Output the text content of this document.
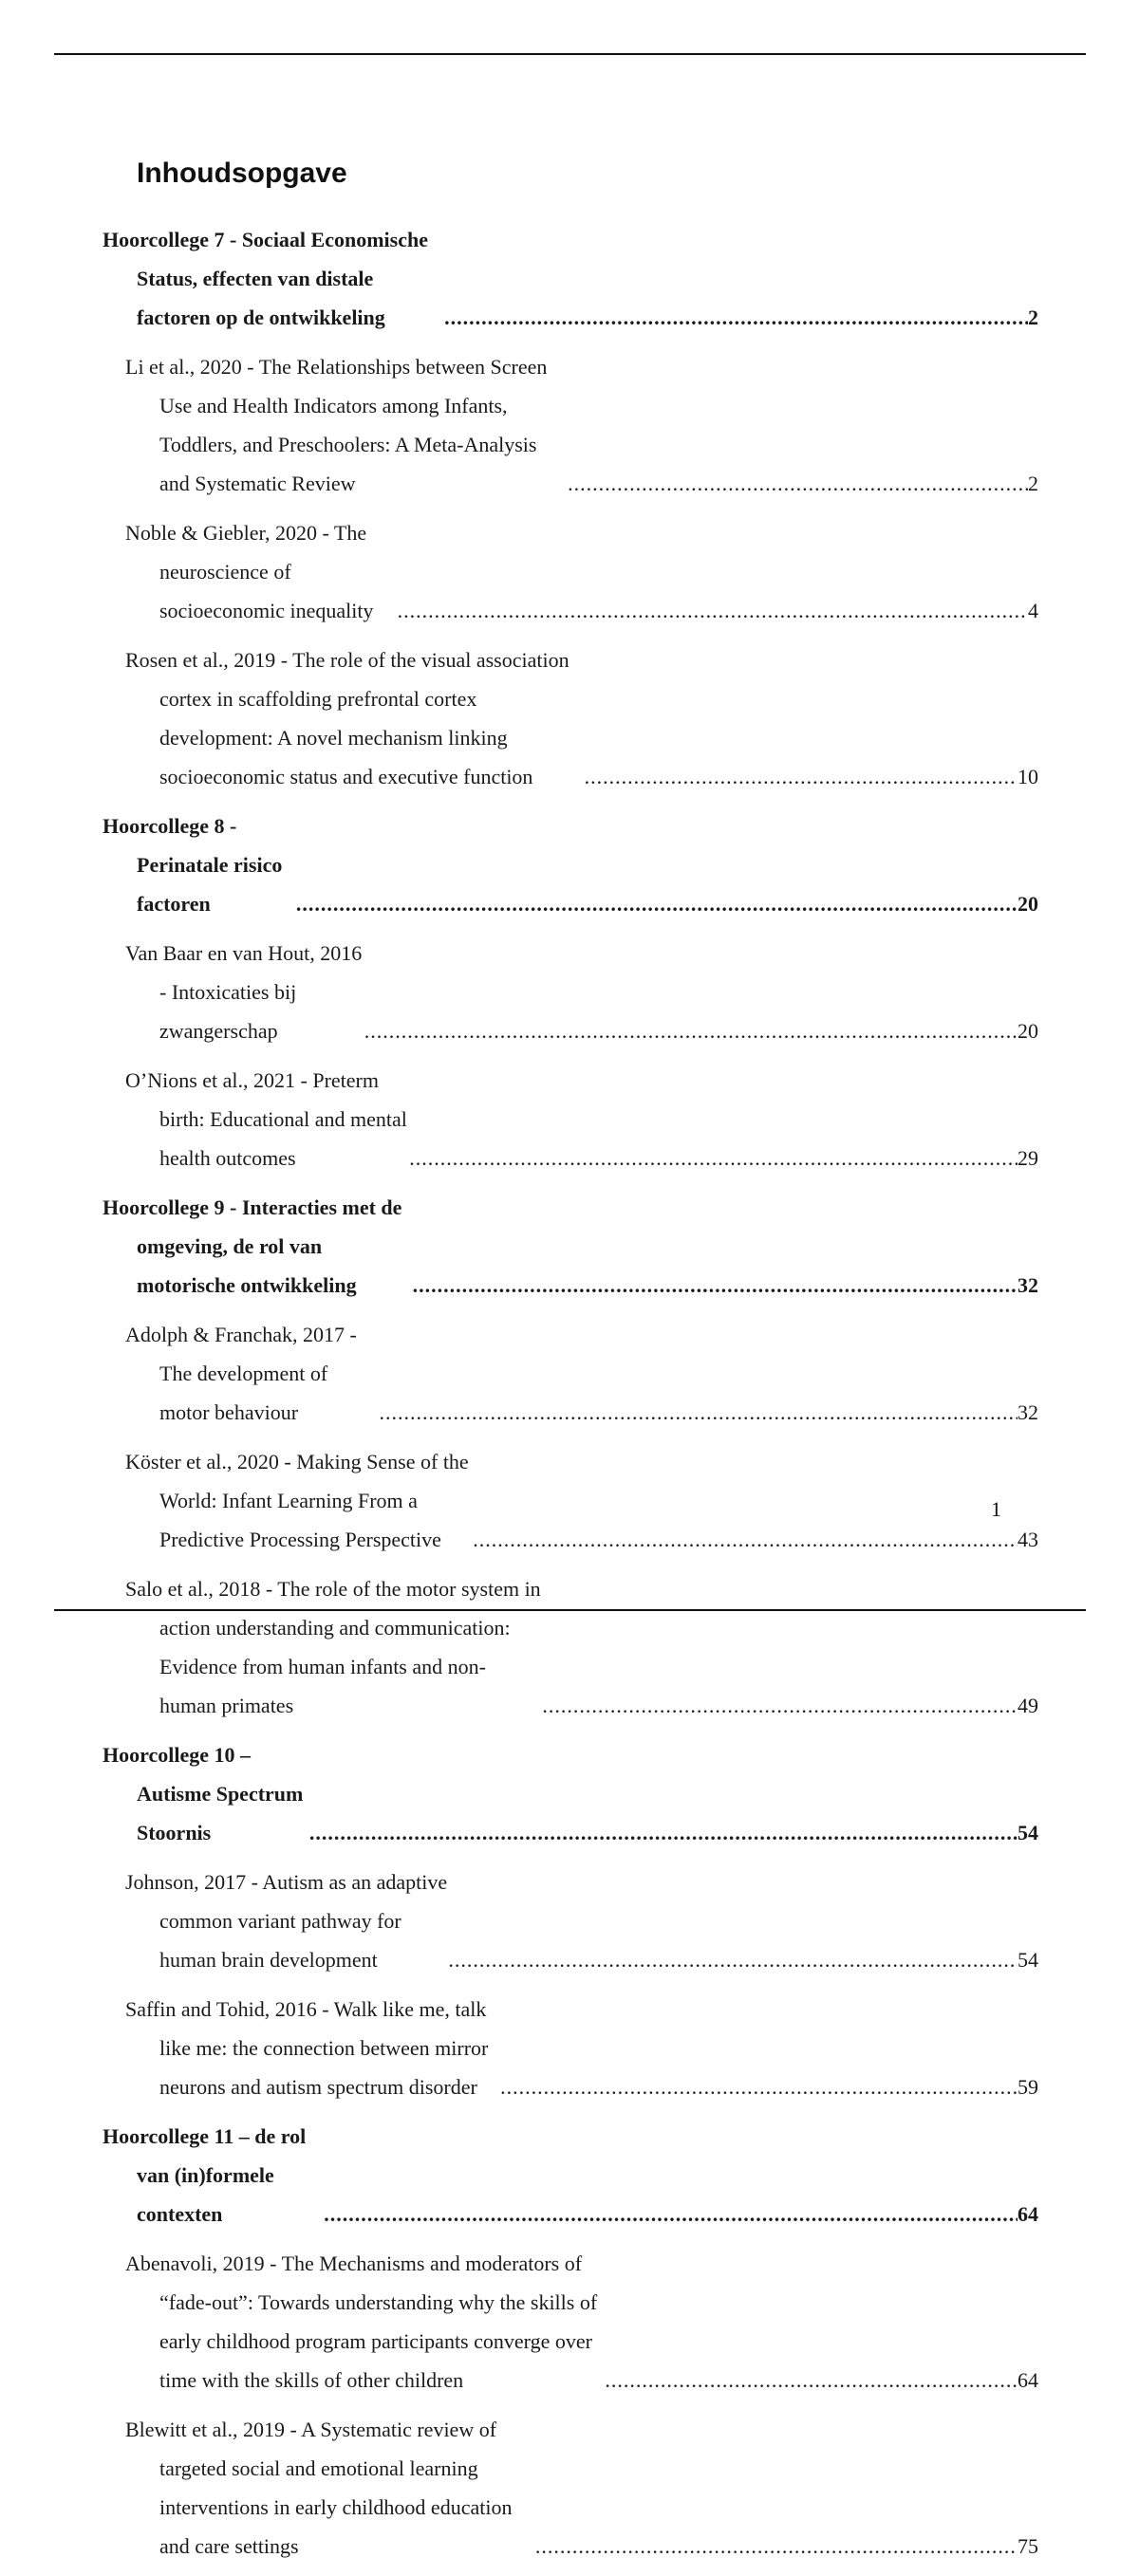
Inhoudsopgave
Hoorcollege 7 - Sociaal Economische Status, effecten van distale factoren op de ontwikkeling .....	2
Li et al., 2020 - The Relationships between Screen Use and Health Indicators among Infants, Toddlers, and Preschoolers: A Meta-Analysis and Systematic Review .....	2
Noble & Giebler, 2020 - The neuroscience of socioeconomic inequality .....	4
Rosen et al., 2019 - The role of the visual association cortex in scaffolding prefrontal cortex development: A novel mechanism linking socioeconomic status and executive function .....	10
Hoorcollege 8 - Perinatale risico factoren .....	20
Van Baar en van Hout, 2016 - Intoxicaties bij zwangerschap .....	20
O’Nions et al., 2021 - Preterm birth: Educational and mental health outcomes .....	29
Hoorcollege 9 - Interacties met de omgeving, de rol van motorische ontwikkeling .....	32
Adolph & Franchak, 2017 - The development of motor behaviour .....	32
Köster et al., 2020 - Making Sense of the World: Infant Learning From a Predictive Processing Perspective .....	43
Salo et al., 2018 - The role of the motor system in action understanding and communication: Evidence from human infants and non-human primates .....	49
Hoorcollege 10 – Autisme Spectrum Stoornis .....	54
Johnson, 2017 - Autism as an adaptive common variant pathway for human brain development .....	54
Saffin and Tohid, 2016 - Walk like me, talk like me: the connection between mirror neurons and autism spectrum disorder .....	59
Hoorcollege 11 – de rol van (in)formele contexten .....	64
Abenavoli, 2019 - The Mechanisms and moderators of “fade-out”: Towards understanding why the skills of early childhood program participants converge over time with the skills of other children .....	64
Blewitt et al., 2019 - A Systematic review of targeted social and emotional learning interventions in early childhood education and care settings .....	75
1
